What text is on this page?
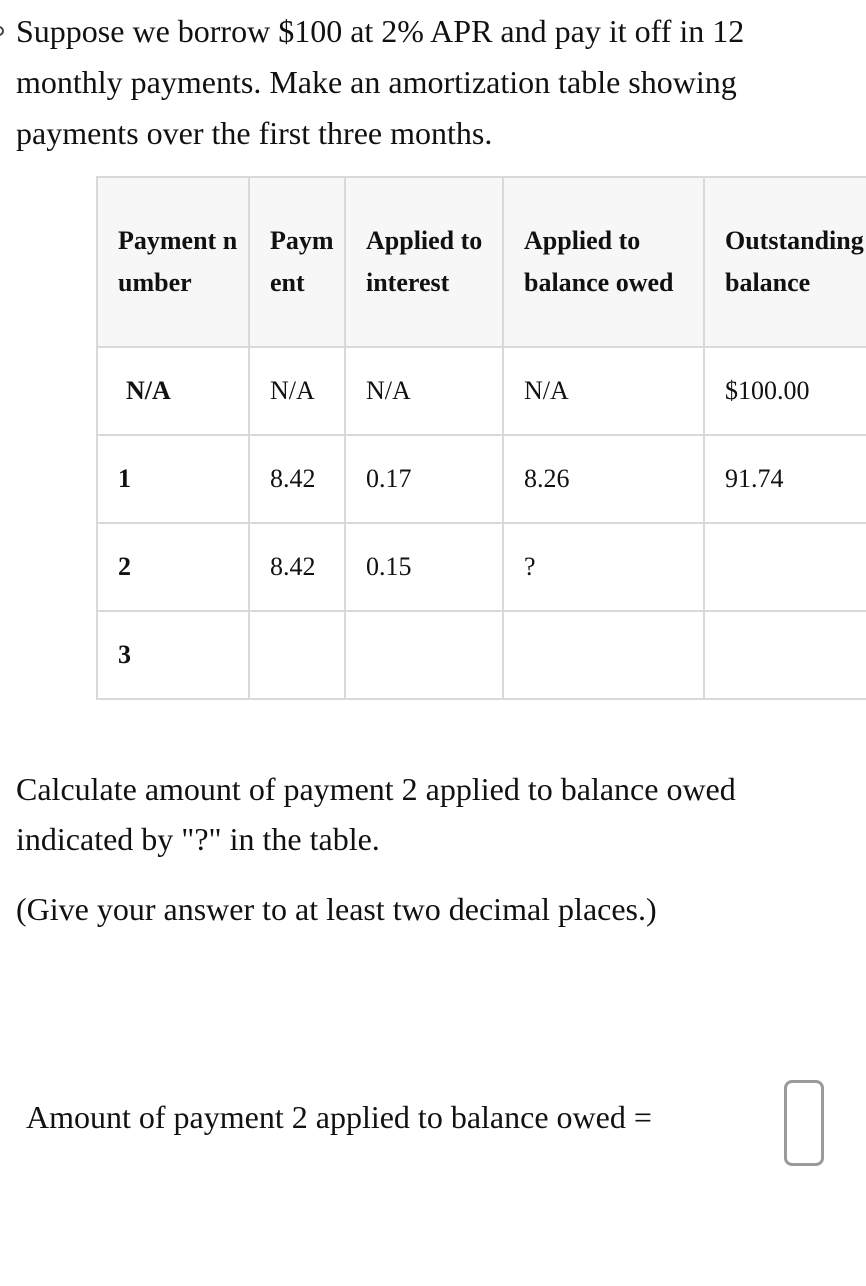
Suppose we borrow $100 at 2% APR and pay it off in 12 monthly payments. Make an amortization table showing payments over the first three months.

Payment number	Payment	Applied to interest	Applied to balance owed	Outstanding balance
N/A	N/A	N/A	N/A	$100.00
1	8.42	0.17	8.26	91.74
2	8.42	0.15	?	
3				

Calculate amount of payment 2 applied to balance owed indicated by "?" in the table.

(Give your answer to at least two decimal places.)

Amount of payment 2 applied to balance owed =
